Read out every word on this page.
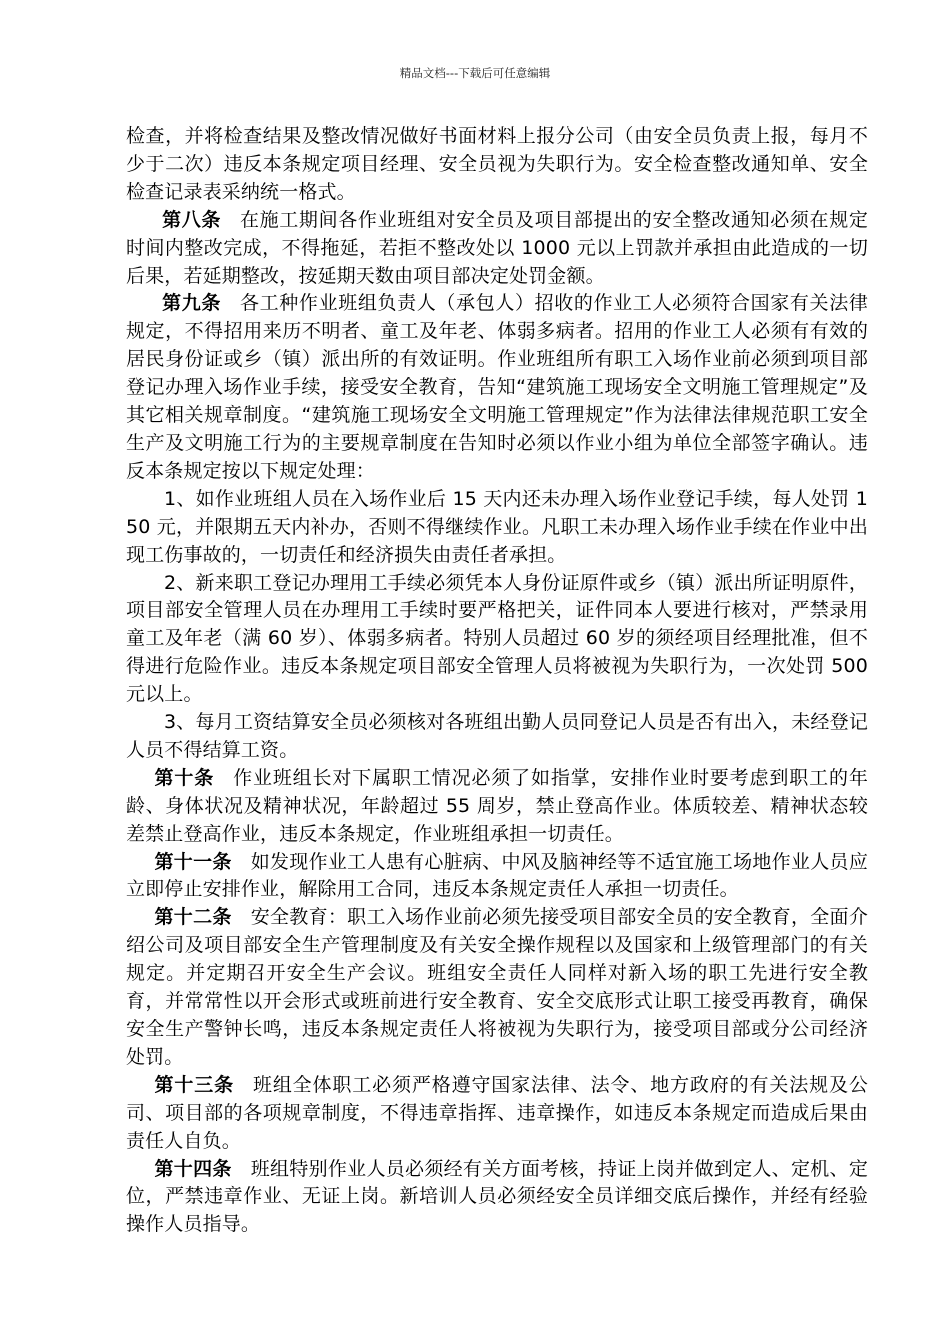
精品文档---下载后可任意编辑

检查，并将检查结果及整改情况做好书面材料上报分公司（由安全员负责上报，每月不少于二次）违反本条规定项目经理、安全员视为失职行为。安全检查整改通知单、安全检查记录表采纳统一格式。

第八条 在施工期间各作业班组对安全员及项目部提出的安全整改通知必须在规定时间内整改完成，不得拖延，若拒不整改处以 1000 元以上罚款并承担由此造成的一切后果，若延期整改，按延期天数由项目部决定处罚金额。

第九条 各工种作业班组负责人（承包人）招收的作业工人必须符合国家有关法律规定，不得招用来历不明者、童工及年老、体弱多病者。招用的作业工人必须有有效的居民身份证或乡（镇）派出所的有效证明。作业班组所有职工入场作业前必须到项目部登记办理入场作业手续，接受安全教育，告知“建筑施工现场安全文明施工管理规定”及其它相关规章制度。“建筑施工现场安全文明施工管理规定”作为法律法律规范职工安全生产及文明施工行为的主要规章制度在告知时必须以作业小组为单位全部签字确认。违反本条规定按以下规定处理：

1、如作业班组人员在入场作业后 15 天内还未办理入场作业登记手续，每人处罚 150 元，并限期五天内补办，否则不得继续作业。凡职工未办理入场作业手续在作业中出现工伤事故的，一切责任和经济损失由责任者承担。

2、新来职工登记办理用工手续必须凭本人身份证原件或乡（镇）派出所证明原件，项目部安全管理人员在办理用工手续时要严格把关，证件同本人要进行核对，严禁录用童工及年老（满 60 岁）、体弱多病者。特别人员超过 60 岁的须经项目经理批准，但不得进行危险作业。违反本条规定项目部安全管理人员将被视为失职行为，一次处罚 500 元以上。

3、每月工资结算安全员必须核对各班组出勤人员同登记人员是否有出入，未经登记人员不得结算工资。

第十条 作业班组长对下属职工情况必须了如指掌，安排作业时要考虑到职工的年龄、身体状况及精神状况，年龄超过 55 周岁，禁止登高作业。体质较差、精神状态较差禁止登高作业，违反本条规定，作业班组承担一切责任。

第十一条 如发现作业工人患有心脏病、中风及脑神经等不适宜施工场地作业人员应立即停止安排作业，解除用工合同，违反本条规定责任人承担一切责任。

第十二条 安全教育：职工入场作业前必须先接受项目部安全员的安全教育，全面介绍公司及项目部安全生产管理制度及有关安全操作规程以及国家和上级管理部门的有关规定。并定期召开安全生产会议。班组安全责任人同样对新入场的职工先进行安全教育，并常常性以开会形式或班前进行安全教育、安全交底形式让职工接受再教育，确保安全生产警钟长鸣，违反本条规定责任人将被视为失职行为，接受项目部或分公司经济处罚。

第十三条 班组全体职工必须严格遵守国家法律、法令、地方政府的有关法规及公司、项目部的各项规章制度，不得违章指挥、违章操作，如违反本条规定而造成后果由责任人自负。

第十四条 班组特别作业人员必须经有关方面考核，持证上岗并做到定人、定机、定位，严禁违章作业、无证上岗。新培训人员必须经安全员详细交底后操作，并经有经验操作人员指导。
